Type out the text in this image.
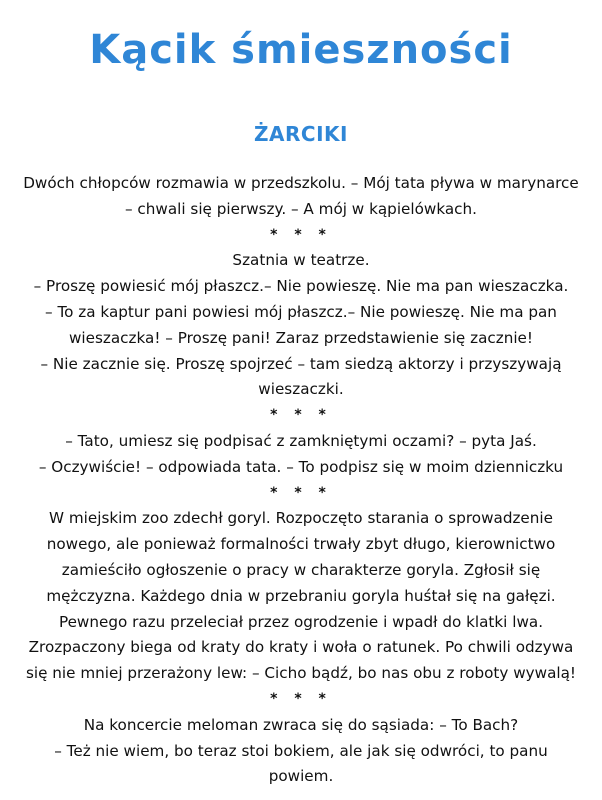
Kącik śmieszności
ŻARCIKI
Dwóch chłopców rozmawia w przedszkolu. – Mój tata pływa w marynarce
– chwali się pierwszy. – A mój w kąpielówkach.
* * *
Szatnia w teatrze.
– Proszę powiesić mój płaszcz.– Nie powieszę. Nie ma pan wieszaczka.
– To za kaptur pani powiesi mój płaszcz.– Nie powieszę. Nie ma pan
wieszaczka! – Proszę pani! Zaraz przedstawienie się zacznie!
– Nie zacznie się. Proszę spojrzeć – tam siedzą aktorzy i przyszywają
wieszaczki.
* * *
– Tato, umiesz się podpisać z zamkniętymi oczami? – pyta Jaś.
– Oczywiście! – odpowiada tata. – To podpisz się w moim dzienniczku
* * *
W miejskim zoo zdechł goryl. Rozpoczęto starania o sprowadzenie
nowego, ale ponieważ formalności trwały zbyt długo, kierownictwo
zamieściło ogłoszenie o pracy w charakterze goryla. Zgłosił się
mężczyzna. Każdego dnia w przebraniu goryla huśtał się na gałęzi.
Pewnego razu przeleciał przez ogrodzenie i wpadł do klatki lwa.
Zrozpaczony biega od kraty do kraty i woła o ratunek. Po chwili odzywa
się nie mniej przerażony lew: – Cicho bądź, bo nas obu z roboty wywalą!
* * *
Na koncercie meloman zwraca się do sąsiada: – To Bach?
– Też nie wiem, bo teraz stoi bokiem, ale jak się odwróci, to panu
powiem.
